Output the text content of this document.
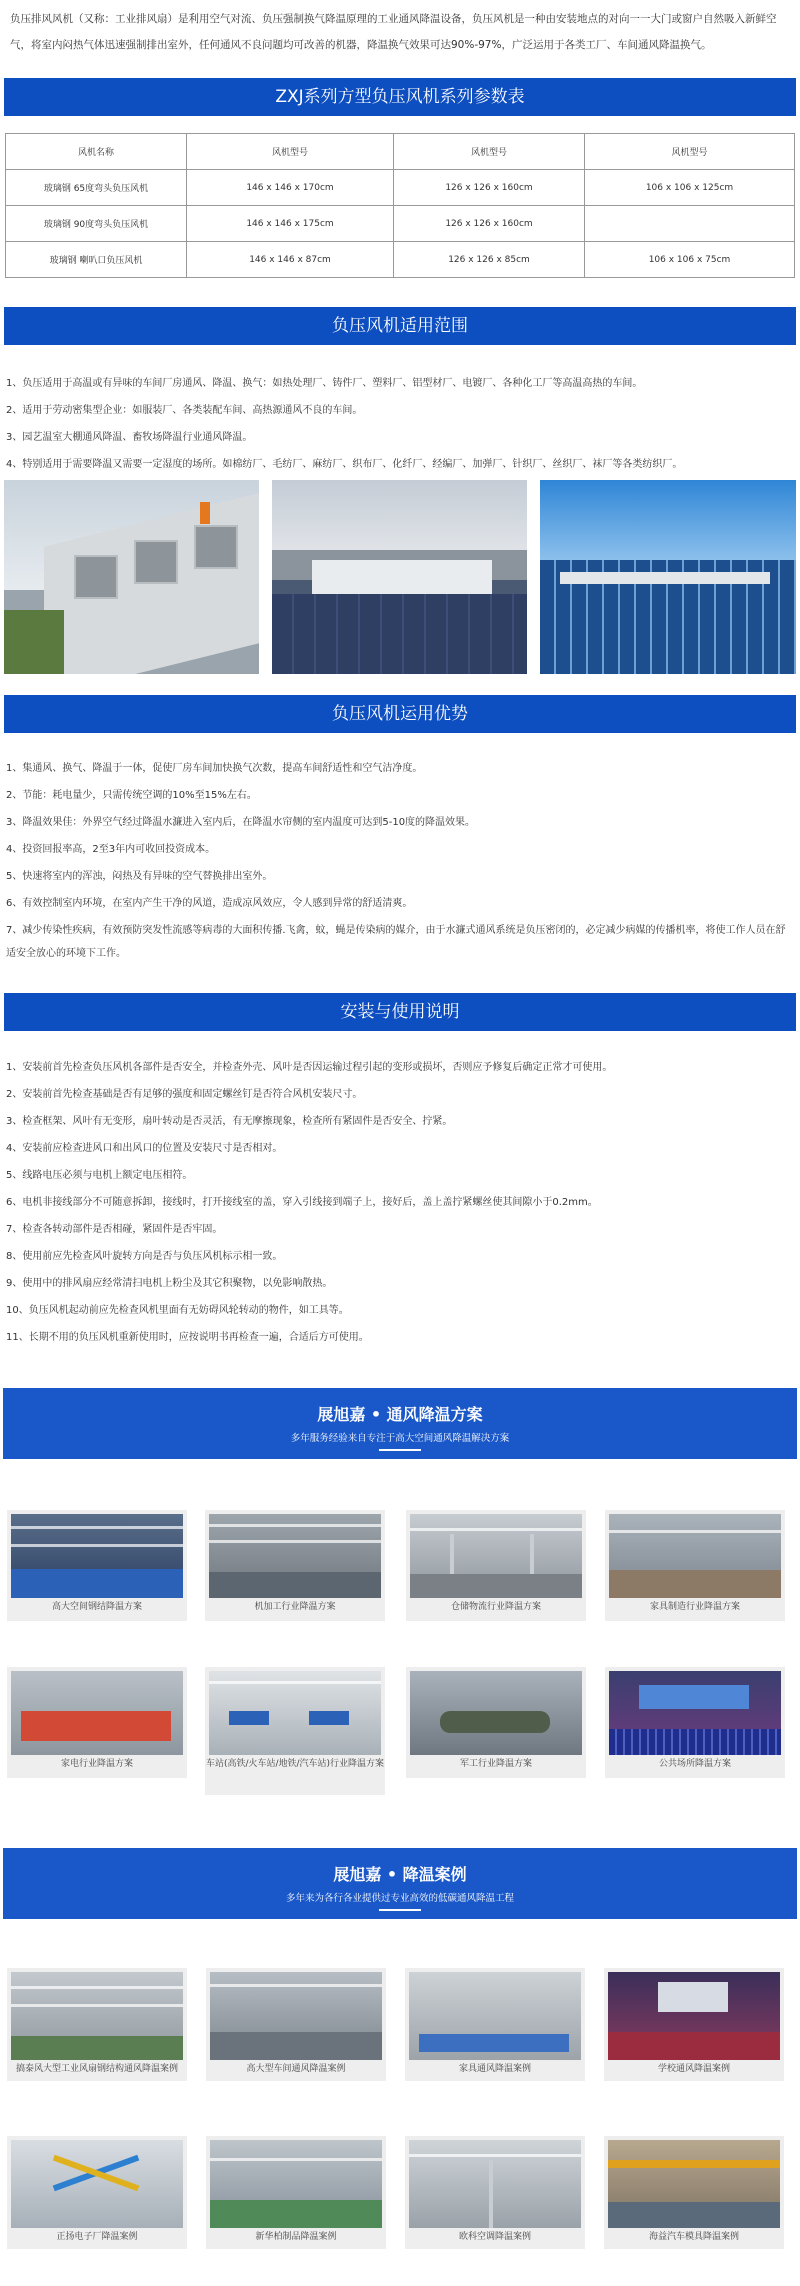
负压排风风机（又称：工业排风扇）是利用空气对流、负压强制换气降温原理的工业通风降温设备，负压风机是一种由安装地点的对向一一大门或窗户自然吸入新鲜空气，将室内闷热气体迅速强制排出室外，任何通风不良问题均可改善的机器，降温换气效果可达90%-97%，广泛运用于各类工厂、车间通风降温换气。
ZXJ系列方型负压风机系列参数表
风机名称	风机型号	风机型号	风机型号
玻璃钢 65度弯头负压风机	146 x 146 x 170cm	126 x 126 x 160cm	106 x 106 x 125cm
玻璃钢 90度弯头负压风机	146 x 146 x 175cm	126 x 126 x 160cm	
玻璃钢 喇叭口负压风机	146 x 146 x 87cm	126 x 126 x 85cm	106 x 106 x 75cm
负压风机适用范围

1、负压适用于高温或有异味的车间厂房通风、降温、换气：如热处理厂、铸件厂、塑料厂、铝型材厂、电镀厂、各种化工厂等高温高热的车间。

2、适用于劳动密集型企业：如服装厂、各类装配车间、高热源通风不良的车间。

3、园艺温室大棚通风降温、畜牧场降温行业通风降温。

4、特别适用于需要降温又需要一定湿度的场所。如棉纺厂、毛纺厂、麻纺厂、织布厂、化纤厂、经编厂、加弹厂、针织厂、丝织厂、袜厂等各类纺织厂。

负压风机运用优势

1、集通风、换气、降温于一体，促使厂房车间加快换气次数，提高车间舒适性和空气洁净度。

2、节能：耗电量少，只需传统空调的10%至15%左右。

3、降温效果佳：外界空气经过降温水濂进入室内后，在降温水帘侧的室内温度可达到5-10度的降温效果。

4、投资回报率高，2至3年内可收回投资成本。

5、快速将室内的浑浊，闷热及有异味的空气替换排出室外。

6、有效控制室内环境，在室内产生干净的风道，造成凉风效应，令人感到异常的舒适清爽。

7、减少传染性疾病，有效预防突发性流感等病毒的大面积传播.飞禽，蚊，蝇是传染病的媒介，由于水濂式通风系统是负压密闭的，必定减少病媒的传播机率，将使工作人员在舒适安全放心的环境下工作。

安装与使用说明

1、安装前首先检查负压风机各部件是否安全，并检查外壳、风叶是否因运输过程引起的变形或损坏，否则应予修复后确定正常才可使用。

2、安装前首先检查基础是否有足够的强度和固定螺丝钉是否符合风机安装尺寸。

3、检查框架、风叶有无变形，扇叶转动是否灵活，有无摩擦现象，检查所有紧固件是否安全、拧紧。

4、安装前应检查进风口和出风口的位置及安装尺寸是否相对。

5、线路电压必须与电机上额定电压相符。

6、电机非接线部分不可随意拆卸，接线时，打开接线室的盖，穿入引线接到端子上，接好后，盖上盖拧紧螺丝使其间隙小于0.2mm。

7、检查各转动部件是否相碰，紧固件是否牢固。

8、使用前应先检查风叶旋转方向是否与负压风机标示相一致。

9、使用中的排风扇应经常清扫电机上粉尘及其它积聚物，以免影响散热。

10、负压风机起动前应先检查风机里面有无妨碍风轮转动的物件，如工具等。

11、长期不用的负压风机重新使用时，应按说明书再检查一遍，合适后方可使用。

展旭嘉 • 通风降温方案
多年服务经验来自专注于高大空间通风降温解决方案
高大空间钢结降温方案	机加工行业降温方案	仓储物流行业降温方案	家具制造行业降温方案
家电行业降温方案	车站(高铁/火车站/地铁/汽车站)行业降温方案	军工行业降温方案	公共场所降温方案
展旭嘉 • 降温案例
多年来为各行各业提供过专业高效的低碳通风降温工程
搞泰风大型工业风扇钢结构通风降温案例	高大型车间通风降温案例	家具通风降温案例	学校通风降温案例
正扬电子厂降温案例	新华柏制品降温案例	欧科空调降温案例	海益汽车模具降温案例
